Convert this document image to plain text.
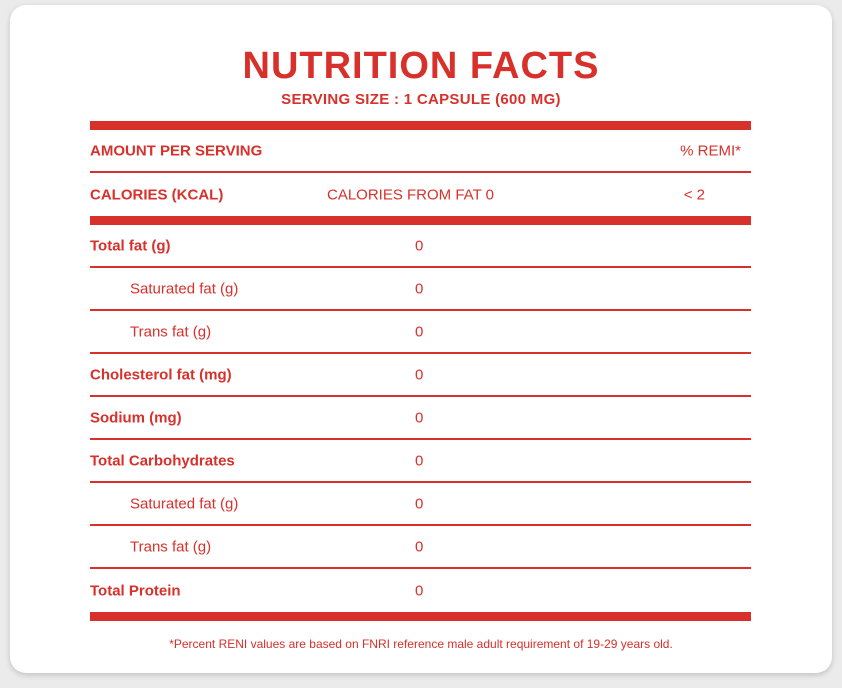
NUTRITION FACTS
SERVING SIZE : 1 CAPSULE (600 MG)
AMOUNT PER SERVING	% REMI*
CALORIES (KCAL)	CALORIES FROM FAT 0	< 2
Total fat (g)	0
Saturated fat (g)	0
Trans fat (g)	0
Cholesterol fat (mg)	0
Sodium (mg)	0
Total Carbohydrates	0
Saturated fat (g)	0
Trans fat (g)	0
Total Protein	0
*Percent RENI values are based on FNRI reference male adult requirement of 19-29 years old.
